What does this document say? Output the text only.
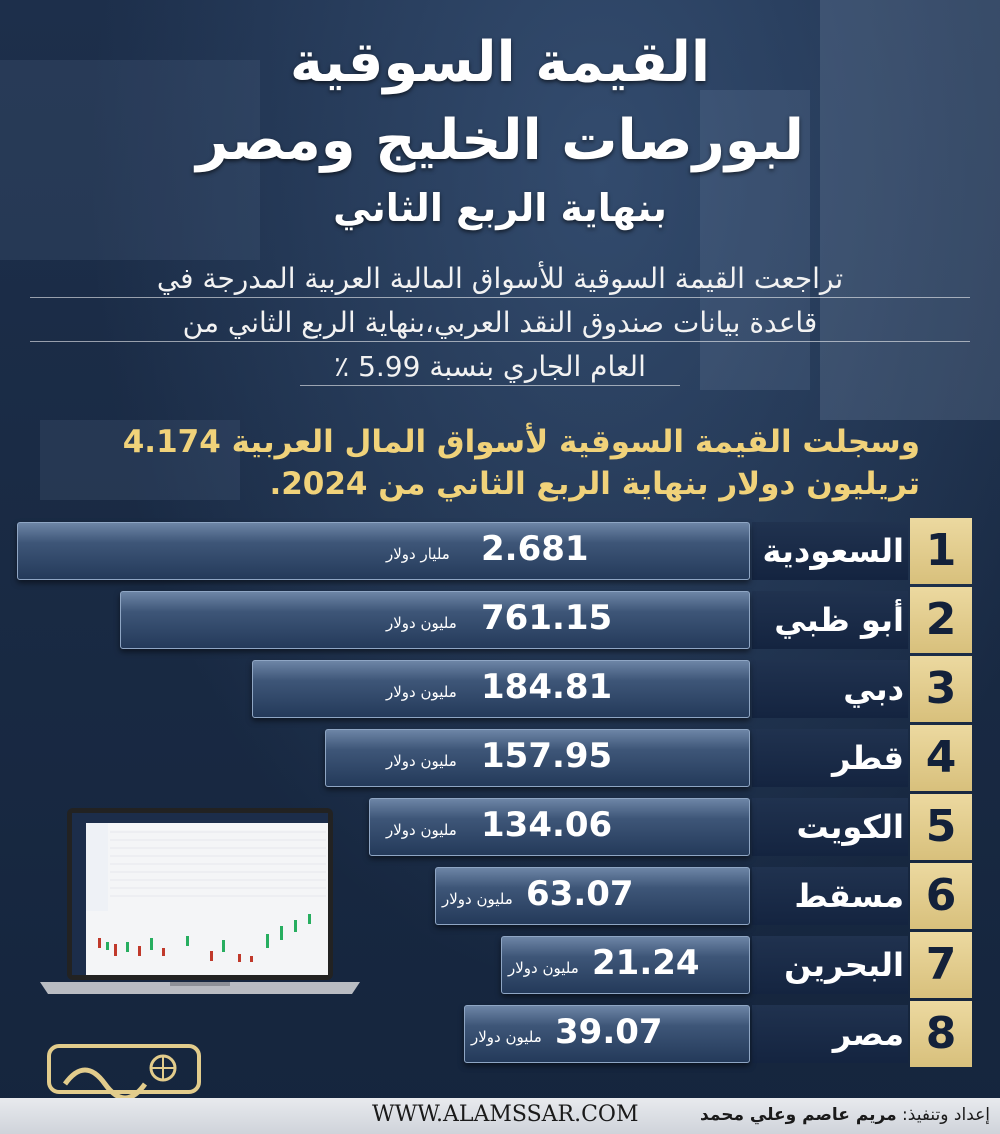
القيمة السوقية
لبورصات الخليج ومصر
بنهاية الربع الثاني
تراجعت القيمة السوقية للأسواق المالية العربية المدرجة في
قاعدة بيانات صندوق النقد العربي،بنهاية الربع الثاني من
العام الجاري بنسبة 5.99 ٪
وسجلت القيمة السوقية لأسواق المال العربية 4.174
تريليون دولار بنهاية الربع الثاني من 2024.
مليار دولار 2.681	السعودية 1
مليون دولار 761.15	أبو ظبي 2
مليون دولار 184.81	دبي 3
مليون دولار 157.95	قطر 4
مليون دولار 134.06	الكويت 5
مليون دولار 63.07	مسقط 6
مليون دولار 21.24	البحرين 7
مليون دولار 39.07	مصر 8
WWW.ALAMSSAR.COM	إعداد وتنفيذ: مريم عاصم وعلي محمد
